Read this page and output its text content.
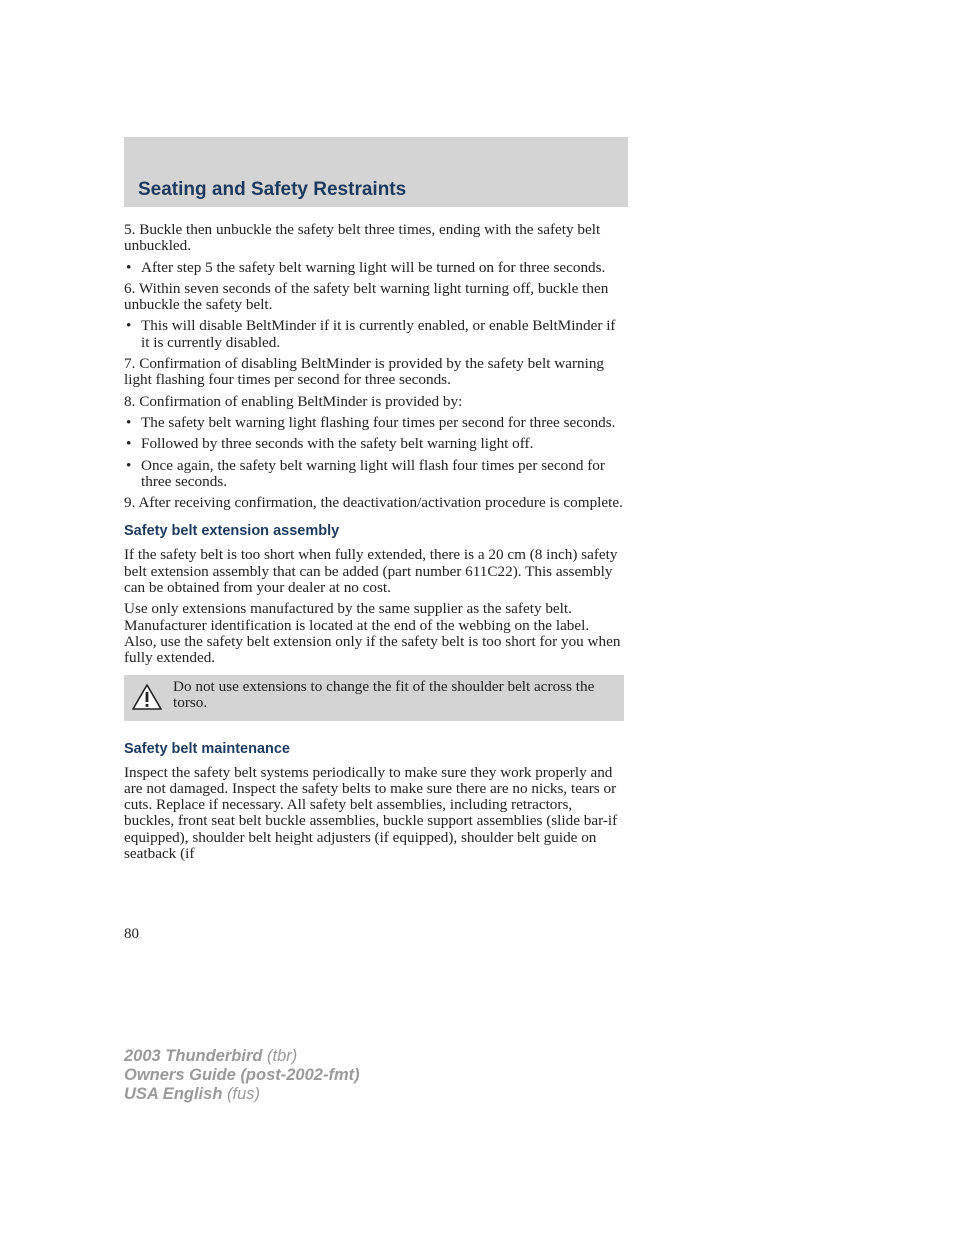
Seating and Safety Restraints

5. Buckle then unbuckle the safety belt three times, ending with the safety belt unbuckled.

• After step 5 the safety belt warning light will be turned on for three seconds.

6. Within seven seconds of the safety belt warning light turning off, buckle then unbuckle the safety belt.

• This will disable BeltMinder if it is currently enabled, or enable BeltMinder if it is currently disabled.

7. Confirmation of disabling BeltMinder is provided by the safety belt warning light flashing four times per second for three seconds.

8. Confirmation of enabling BeltMinder is provided by:

• The safety belt warning light flashing four times per second for three seconds.
• Followed by three seconds with the safety belt warning light off.
• Once again, the safety belt warning light will flash four times per second for three seconds.

9. After receiving confirmation, the deactivation/activation procedure is complete.

Safety belt extension assembly

If the safety belt is too short when fully extended, there is a 20 cm (8 inch) safety belt extension assembly that can be added (part number 611C22). This assembly can be obtained from your dealer at no cost.

Use only extensions manufactured by the same supplier as the safety belt. Manufacturer identification is located at the end of the webbing on the label. Also, use the safety belt extension only if the safety belt is too short for you when fully extended.

Do not use extensions to change the fit of the shoulder belt across the torso.
Safety belt maintenance

Inspect the safety belt systems periodically to make sure they work properly and are not damaged. Inspect the safety belts to make sure there are no nicks, tears or cuts. Replace if necessary. All safety belt assemblies, including retractors, buckles, front seat belt buckle assemblies, buckle support assemblies (slide bar-if equipped), shoulder belt height adjusters (if equipped), shoulder belt guide on seatback (if

80
2003 Thunderbird (tbr)
Owners Guide (post-2002-fmt)
USA English (fus)
